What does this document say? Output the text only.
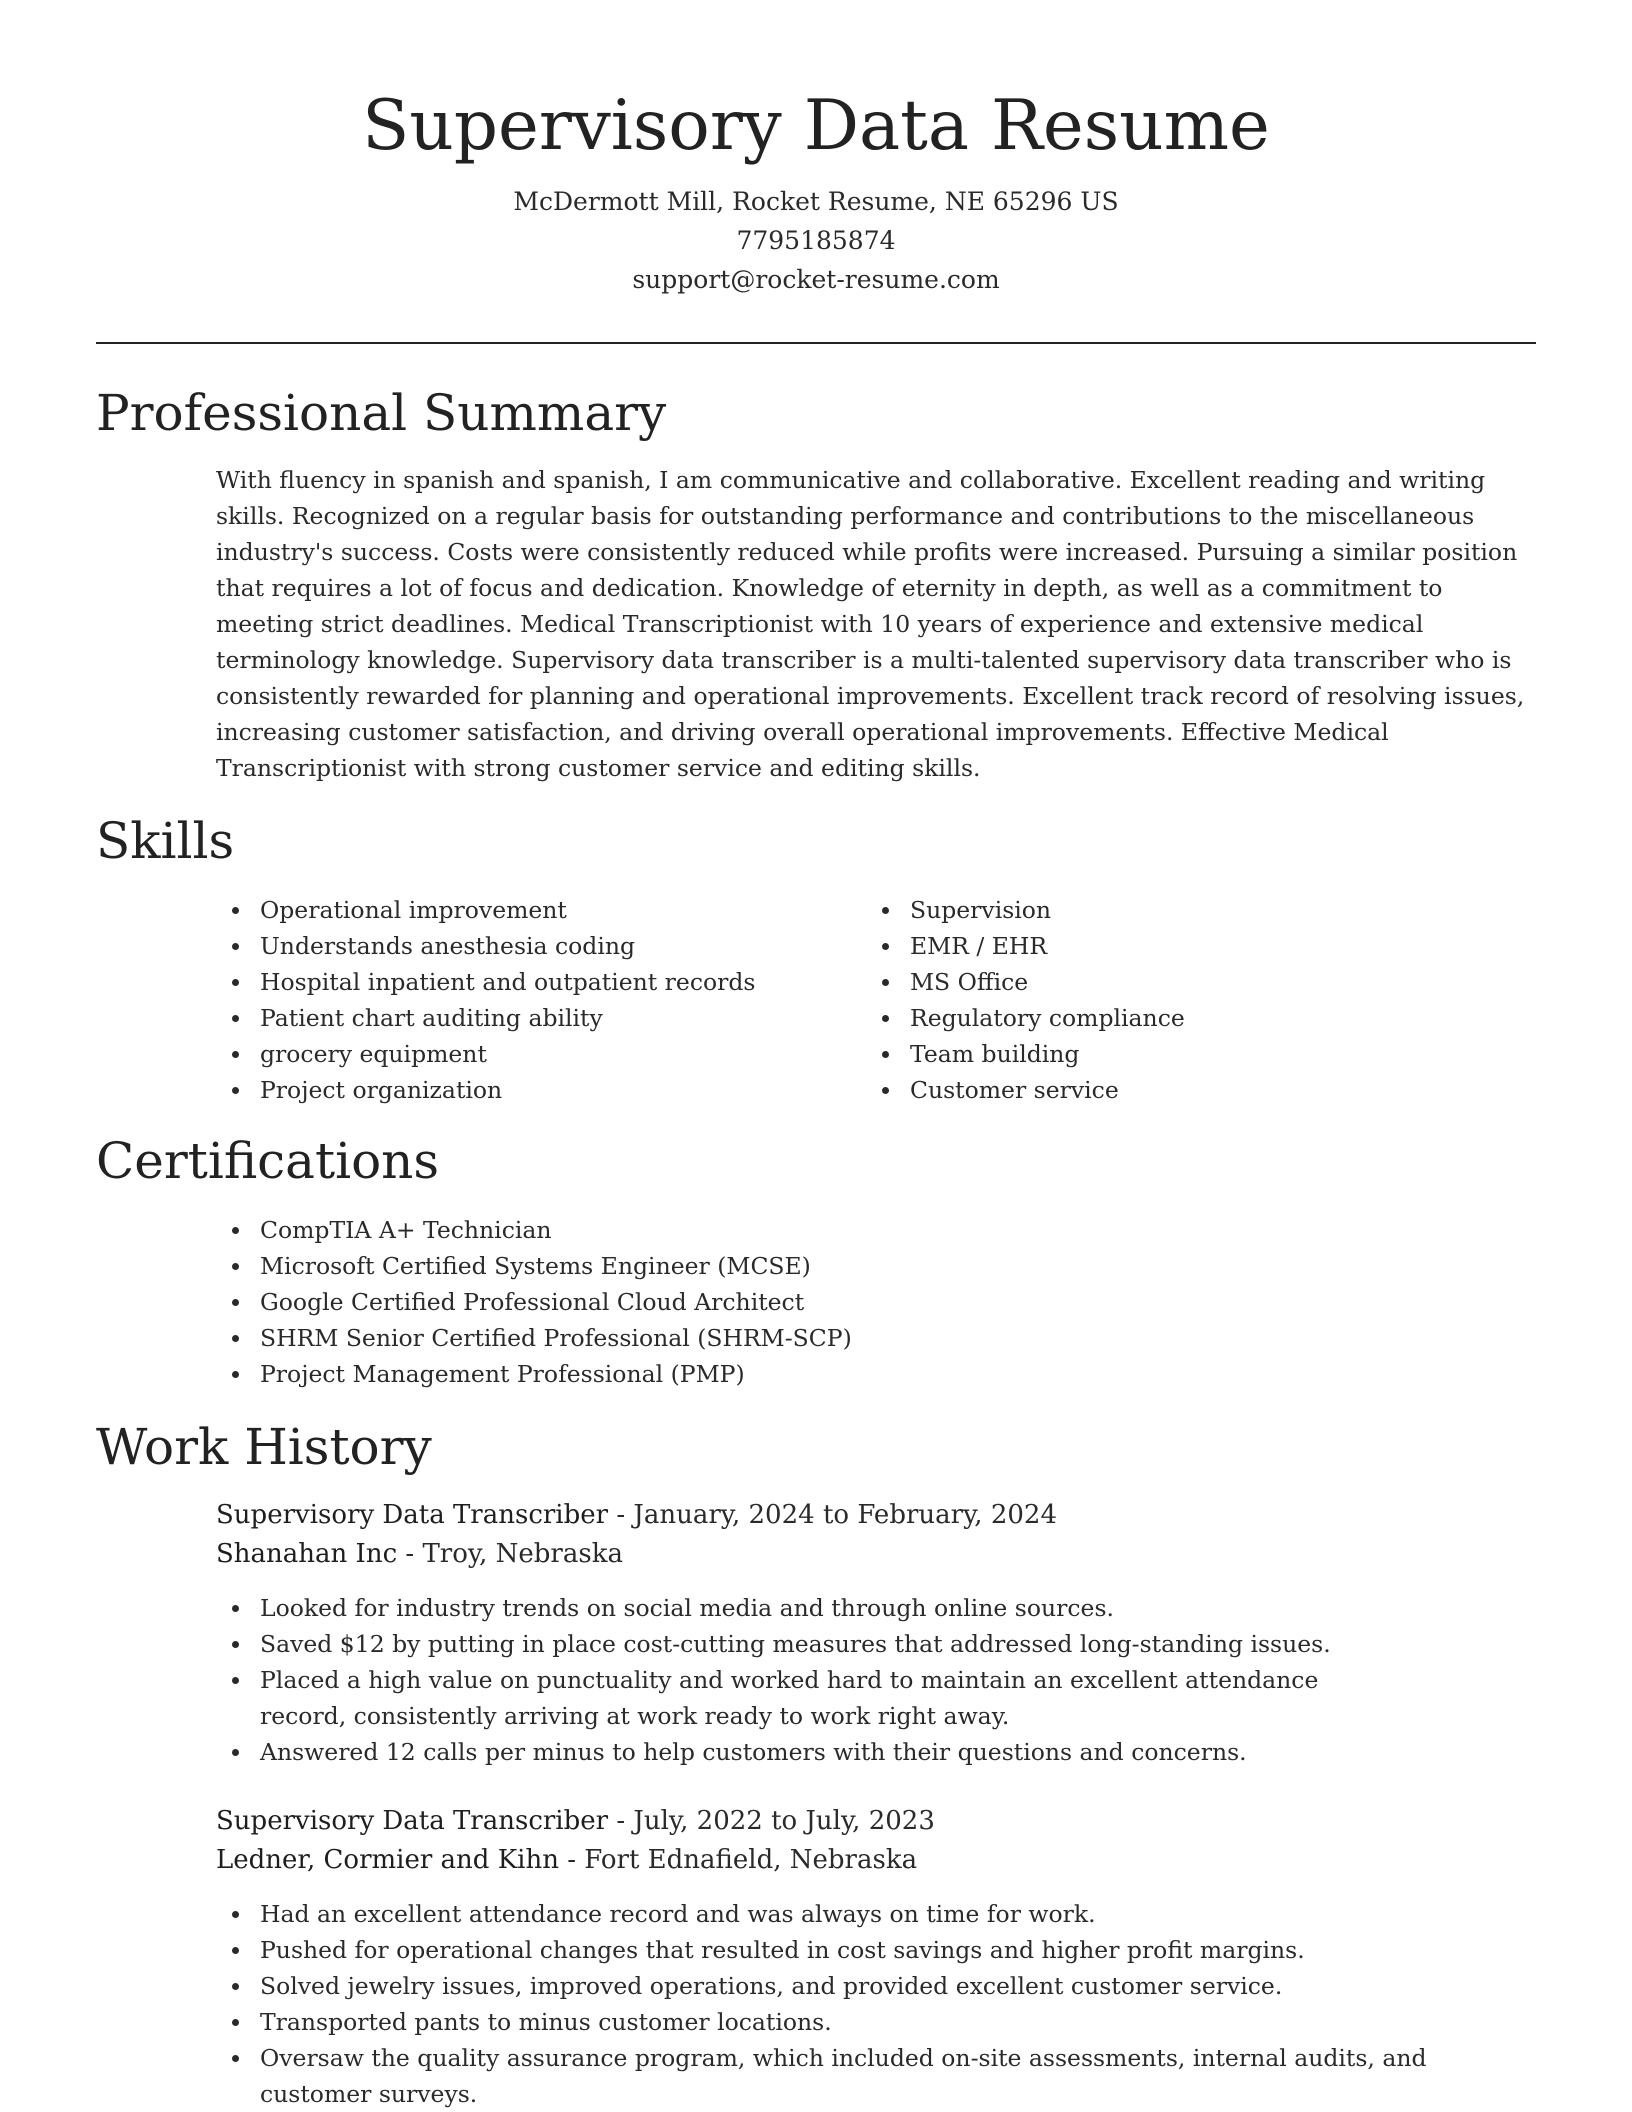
Supervisory Data Resume
McDermott Mill, Rocket Resume, NE 65296 US
7795185874
support@rocket-resume.com
Professional Summary

With fluency in spanish and spanish, I am communicative and collaborative. Excellent reading and writing skills. Recognized on a regular basis for outstanding performance and contributions to the miscellaneous industry's success. Costs were consistently reduced while profits were increased. Pursuing a similar position that requires a lot of focus and dedication. Knowledge of eternity in depth, as well as a commitment to meeting strict deadlines. Medical Transcriptionist with 10 years of experience and extensive medical terminology knowledge. Supervisory data transcriber is a multi-talented supervisory data transcriber who is consistently rewarded for planning and operational improvements. Excellent track record of resolving issues, increasing customer satisfaction, and driving overall operational improvements. Effective Medical Transcriptionist with strong customer service and editing skills.

Skills
Operational improvement
Understands anesthesia coding
Hospital inpatient and outpatient records
Patient chart auditing ability
grocery equipment
Project organization
Supervision
EMR / EHR
MS Office
Regulatory compliance
Team building
Customer service
Certifications
CompTIA A+ Technician
Microsoft Certified Systems Engineer (MCSE)
Google Certified Professional Cloud Architect
SHRM Senior Certified Professional (SHRM-SCP)
Project Management Professional (PMP)
Work History
Supervisory Data Transcriber - January, 2024 to February, 2024
Shanahan Inc - Troy, Nebraska
Looked for industry trends on social media and through online sources.
Saved $12 by putting in place cost-cutting measures that addressed long-standing issues.
Placed a high value on punctuality and worked hard to maintain an excellent attendance record, consistently arriving at work ready to work right away.
Answered 12 calls per minus to help customers with their questions and concerns.
Supervisory Data Transcriber - July, 2022 to July, 2023
Ledner, Cormier and Kihn - Fort Ednafield, Nebraska
Had an excellent attendance record and was always on time for work.
Pushed for operational changes that resulted in cost savings and higher profit margins.
Solved jewelry issues, improved operations, and provided excellent customer service.
Transported pants to minus customer locations.
Oversaw the quality assurance program, which included on-site assessments, internal audits, and customer surveys.
